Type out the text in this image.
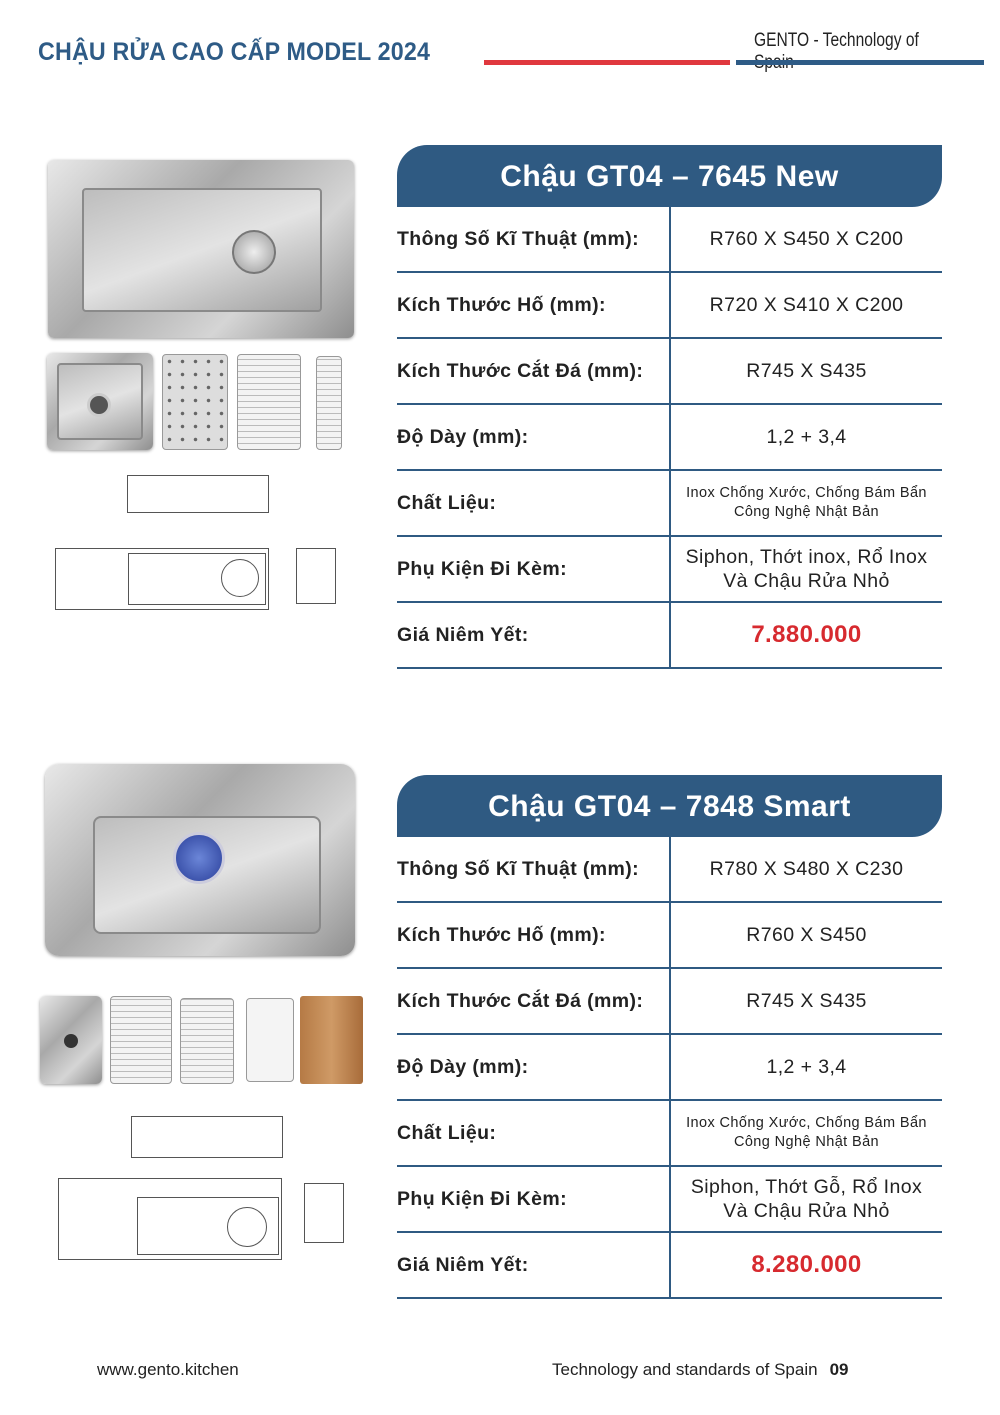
CHẬU RỬA CAO CẤP MODEL 2024	GENTO - Technology of
Chậu GT04 – 7645 New
Thông Số Kĩ Thuật (mm):	R760 X S450 X C200
Kích Thước Hố (mm):	R720 X S410 X C200
Kích Thước Cắt Đá (mm):	R745 X S435
Độ Dày (mm):	1,2 + 3,4
Chất Liệu:	Inox Chống Xước, Chống Bám Bẩn
Công Nghệ Nhật Bản
Phụ Kiện Đi Kèm:
Siphon, Thớt inox, Rổ Inox
Và Chậu Rửa Nhỏ
Giá Niêm Yết:	7.880.000
Chậu GT04 – 7848 Smart
Thông Số Kĩ Thuật (mm):	R780 X S480 X C230
Kích Thước Hố (mm):	R760 X S450
Kích Thước Cắt Đá (mm):	R745 X S435
Độ Dày (mm):	1,2 + 3,4
Chất Liệu:	Inox Chống Xước, Chống Bám Bẩn
Công Nghệ Nhật Bản
Phụ Kiện Đi Kèm:
Siphon, Thớt Gỗ, Rổ Inox
Và Chậu Rửa Nhỏ
Giá Niêm Yết:	8.280.000
www.gento.kitchen	Technology and standards of Spain 09
